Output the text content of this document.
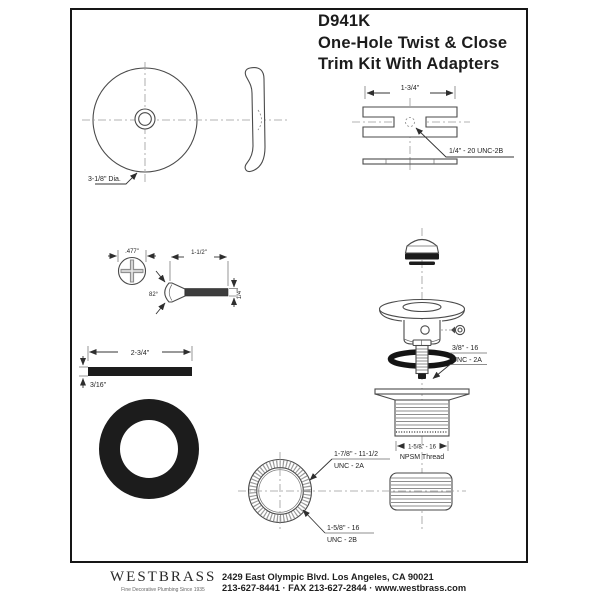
D941K
One-Hole Twist & Close
Trim Kit With Adapters
3-1/8" Dia.
1-3/4"
1/4" - 20 UNC-2B
.477"	1-1/2"
82°	1/4"
2-3/4"
3/16"
3/8" - 16
UNC - 2A
1-5/8" - 16
NPSM Thread
1-7/8" - 11-1/2
UNC - 2A
1-5/8" - 16
UNC - 2B
WESTBRASS
Fine Decorative Plumbing Since 1935
2429 East Olympic Blvd. Los Angeles, CA 90021
213-627-8441 · FAX 213-627-2844 · www.westbrass.com
